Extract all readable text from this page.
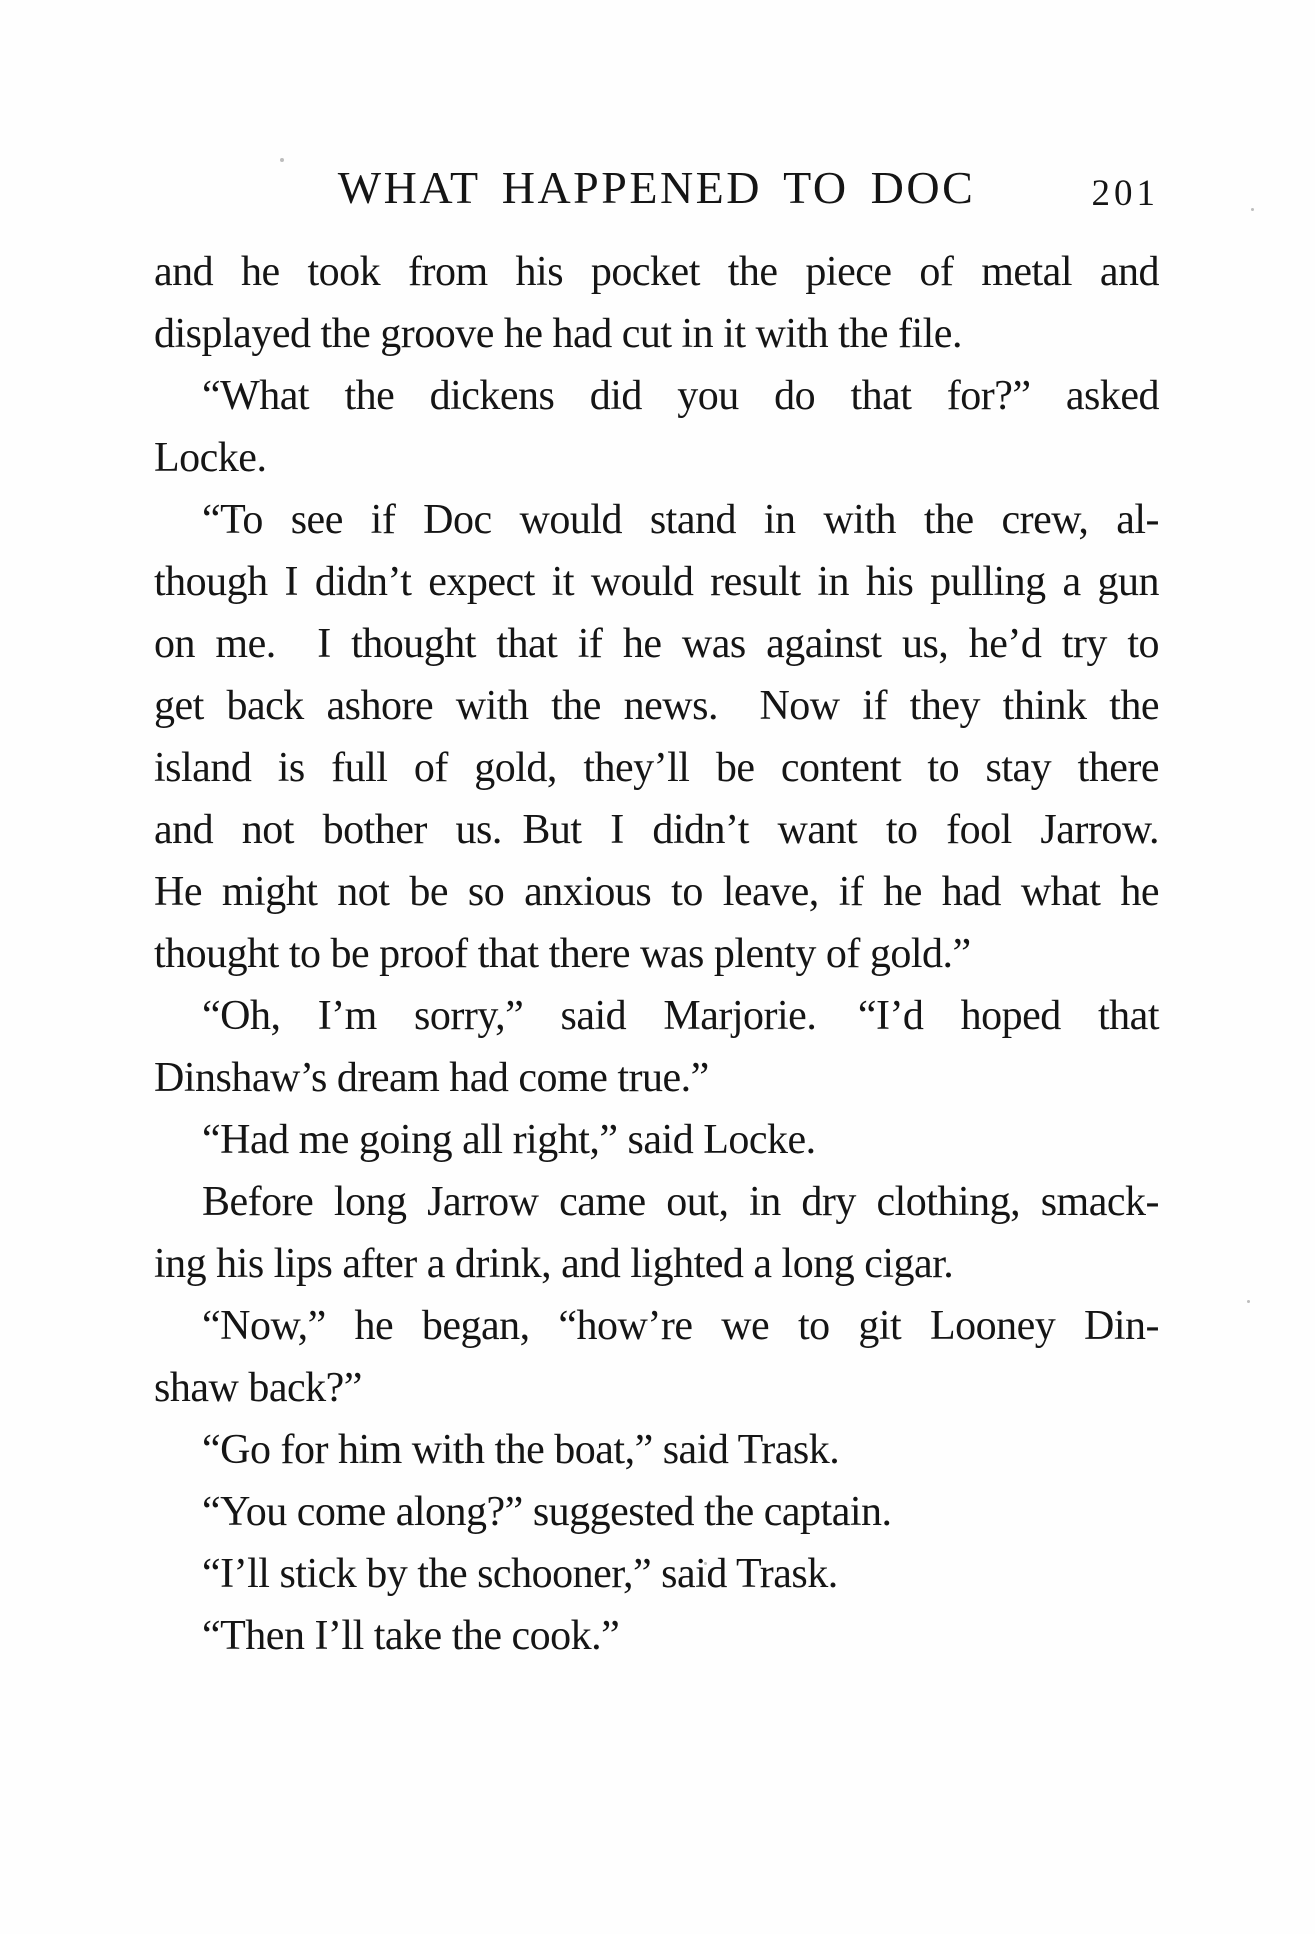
WHAT HAPPENED TO DOC	201
and he took from his pocket the piece of metal and
displayed the groove he had cut in it with the file.
“What the dickens did you do that for?” asked
Locke.
“To see if Doc would stand in with the crew, al-
though I didn’t expect it would result in his pulling a gun
on me. I thought that if he was against us, he’d try to
get back ashore with the news. Now if they think the
island is full of gold, they’ll be content to stay there
and not bother us. But I didn’t want to fool Jarrow.
He might not be so anxious to leave, if he had what he
thought to be proof that there was plenty of gold.”
“Oh, I’m sorry,” said Marjorie. “I’d hoped that
Dinshaw’s dream had come true.”
“Had me going all right,” said Locke.
Before long Jarrow came out, in dry clothing, smack-
ing his lips after a drink, and lighted a long cigar.
“Now,” he began, “how’re we to git Looney Din-
shaw back?”
“Go for him with the boat,” said Trask.
“You come along?” suggested the captain.
“I’ll stick by the schooner,” said Trask.
“Then I’ll take the cook.”
